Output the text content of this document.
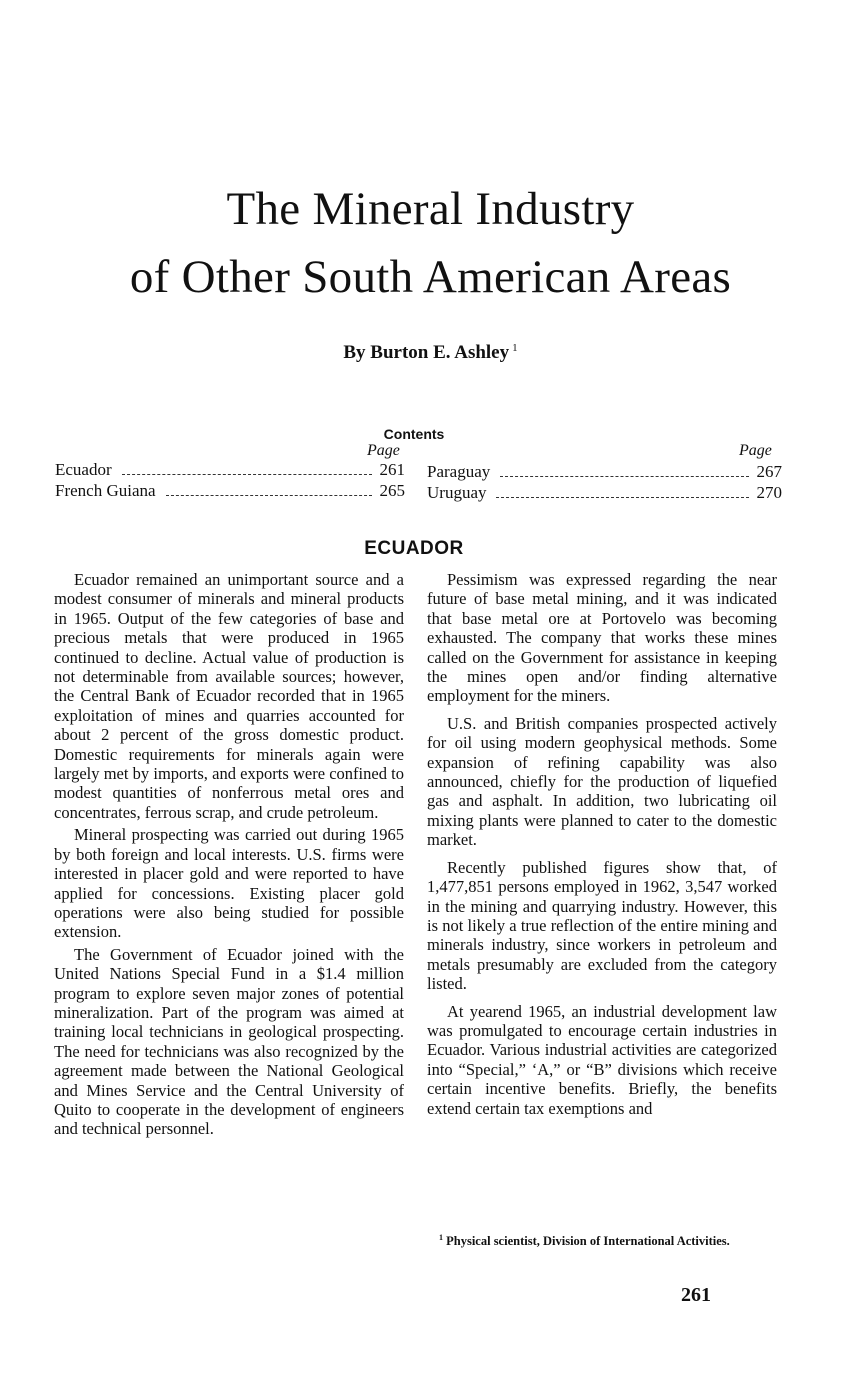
The Mineral Industry
of Other South American Areas
By Burton E. Ashley $^1$
Contents
Page	Page
Ecuador	261
French Guiana	265
Paraguay	267
Uruguay	270
ECUADOR

Ecuador remained an unimportant source and a modest consumer of minerals and mineral products in 1965. Output of the few categories of base and precious metals that were produced in 1965 continued to decline. Actual value of production is not determinable from available sources; however, the Central Bank of Ecuador recorded that in 1965 exploitation of mines and quarries accounted for about 2 percent of the gross domestic product. Domestic requirements for minerals again were largely met by imports, and exports were confined to modest quantities of nonferrous metal ores and concentrates, ferrous scrap, and crude petroleum.

Mineral prospecting was carried out during 1965 by both foreign and local interests. U.S. firms were interested in placer gold and were reported to have applied for concessions. Existing placer gold operations were also being studied for possible extension.

The Government of Ecuador joined with the United Nations Special Fund in a $1.4 million program to explore seven major zones of potential mineralization. Part of the program was aimed at training local technicians in geological prospecting. The need for technicians was also recognized by the agreement made between the National Geological and Mines Service and the Central University of Quito to cooperate in the development of engineers and technical personnel.

Pessimism was expressed regarding the near future of base metal mining, and it was indicated that base metal ore at Portovelo was becoming exhausted. The company that works these mines called on the Government for assistance in keeping the mines open and/or finding alternative employment for the miners.

U.S. and British companies prospected actively for oil using modern geophysical methods. Some expansion of refining capability was also announced, chiefly for the production of liquefied gas and asphalt. In addition, two lubricating oil mixing plants were planned to cater to the domestic market.

Recently published figures show that, of 1,477,851 persons employed in 1962, 3,547 worked in the mining and quarrying industry. However, this is not likely a true reflection of the entire mining and minerals industry, since workers in petroleum and metals presumably are excluded from the category listed.

At yearend 1965, an industrial development law was promulgated to encourage certain industries in Ecuador. Various industrial activities are categorized into “Special,” ‘A,” or “B” divisions which receive certain incentive benefits. Briefly, the benefits extend certain tax exemptions and

$^1$ Physical scientist, Division of International Activities.
261
